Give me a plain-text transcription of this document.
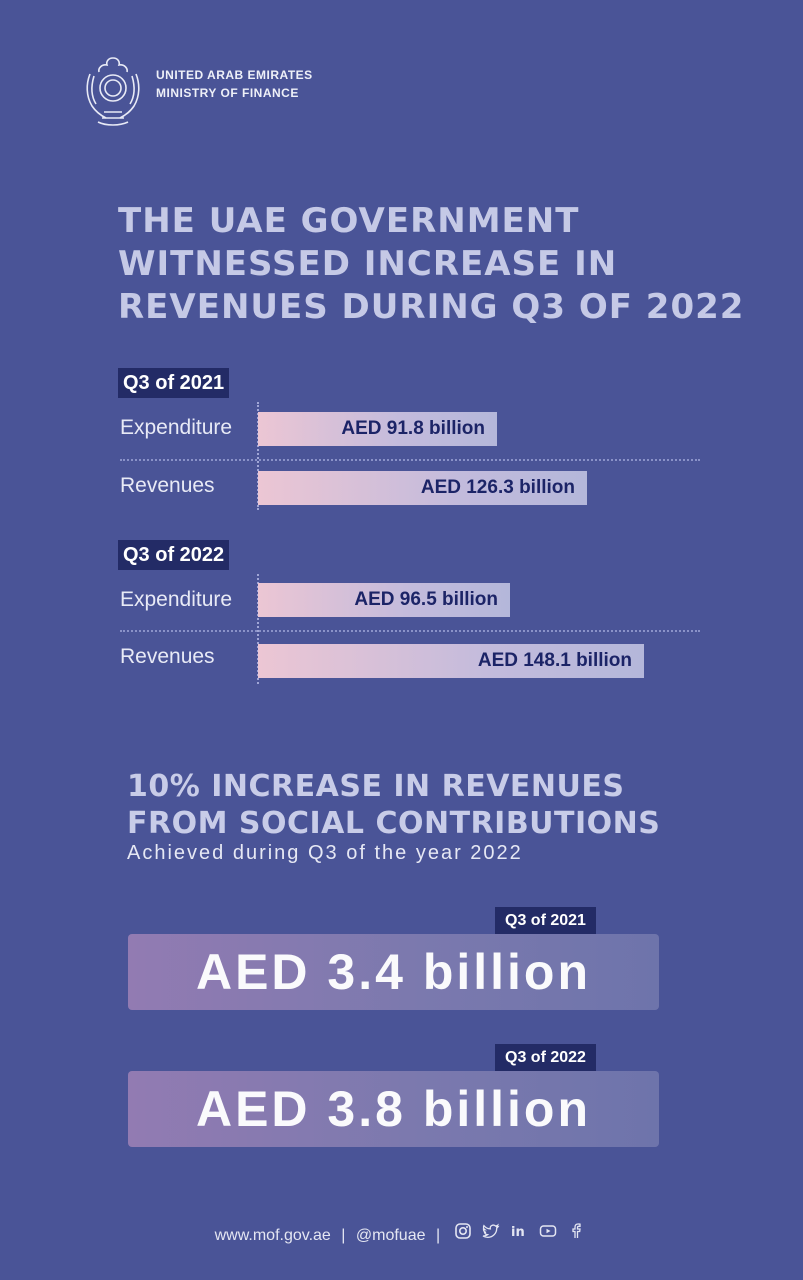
UNITED ARAB EMIRATES
MINISTRY OF FINANCE
THE UAE GOVERNMENT
WITNESSED INCREASE IN
REVENUES DURING Q3 OF 2022
Q3 of 2021
Expenditure	AED 91.8 billion
Revenues	AED 126.3 billion
Q3 of 2022
Expenditure	AED 96.5 billion
Revenues	AED 148.1 billion
10% INCREASE IN REVENUES
FROM SOCIAL CONTRIBUTIONS
Achieved during Q3 of the year 2022
Q3 of 2021
AED 3.4 billion
Q3 of 2022
AED 3.8 billion
www.mof.gov.ae | @mofuae |	in
